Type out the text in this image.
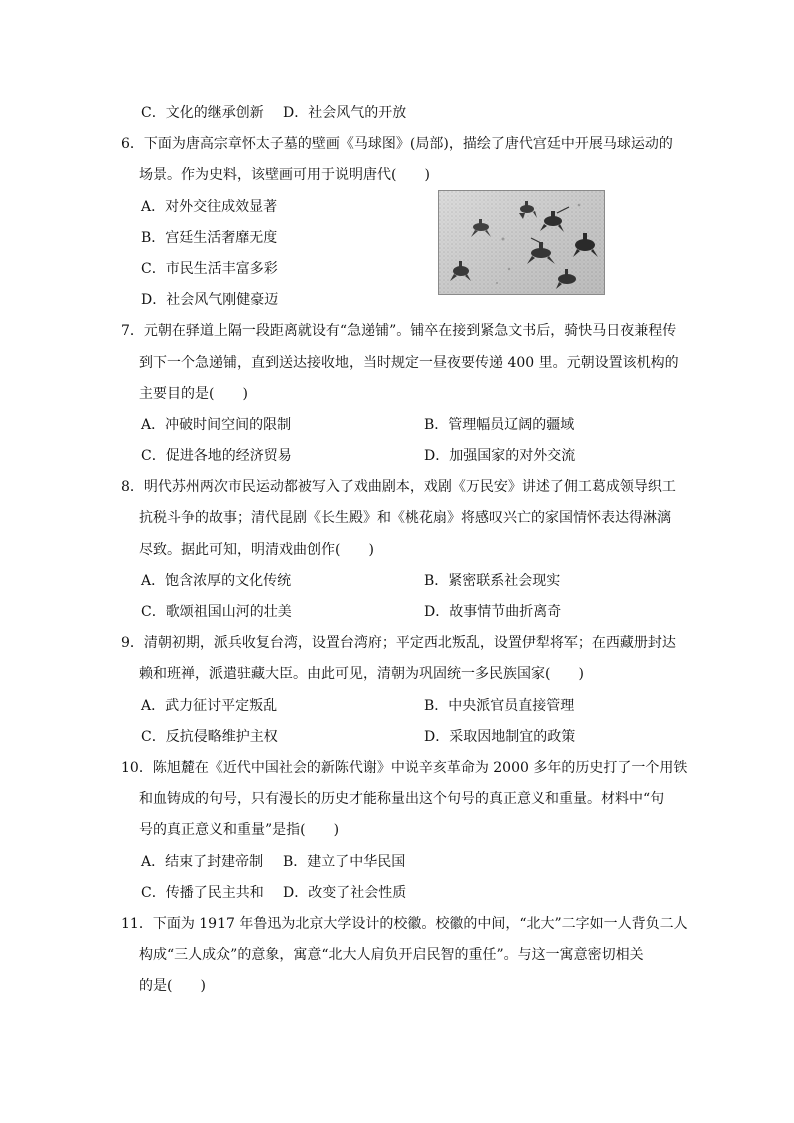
C．文化的继承创新 D．社会风气的开放
6．下面为唐高宗章怀太子墓的壁画《马球图》(局部)，描绘了唐代宫廷中开展马球运动的
场景。作为史料，该壁画可用于说明唐代(　　)
A．对外交往成效显著
B．宫廷生活奢靡无度
C．市民生活丰富多彩
D．社会风气刚健豪迈
7．元朝在驿道上隔一段距离就设有“急递铺”。铺卒在接到紧急文书后，骑快马日夜兼程传
到下一个急递铺，直到送达接收地，当时规定一昼夜要传递 400 里。元朝设置该机构的
主要目的是(　　)
A．冲破时间空间的限制	B．管理幅员辽阔的疆域
C．促进各地的经济贸易	D．加强国家的对外交流
8．明代苏州两次市民运动都被写入了戏曲剧本，戏剧《万民安》讲述了佣工葛成领导织工
抗税斗争的故事；清代昆剧《长生殿》和《桃花扇》将感叹兴亡的家国情怀表达得淋漓
尽致。据此可知，明清戏曲创作(　　)
A．饱含浓厚的文化传统	B．紧密联系社会现实
C．歌颂祖国山河的壮美	D．故事情节曲折离奇
9．清朝初期，派兵收复台湾，设置台湾府；平定西北叛乱，设置伊犁将军；在西藏册封达
赖和班禅，派遣驻藏大臣。由此可见，清朝为巩固统一多民族国家(　　)
A．武力征讨平定叛乱	B．中央派官员直接管理
C．反抗侵略维护主权	D．采取因地制宜的政策
10．陈旭麓在《近代中国社会的新陈代谢》中说辛亥革命为 2000 多年的历史打了一个用铁
和血铸成的句号，只有漫长的历史才能称量出这个句号的真正意义和重量。材料中“句
号的真正意义和重量”是指(　　)
A．结束了封建帝制 B．建立了中华民国
C．传播了民主共和 D．改变了社会性质
11．下面为 1917 年鲁迅为北京大学设计的校徽。校徽的中间，“北大”二字如一人背负二人
构成“三人成众”的意象，寓意“北大人肩负开启民智的重任”。与这一寓意密切相关
的是(　　)
